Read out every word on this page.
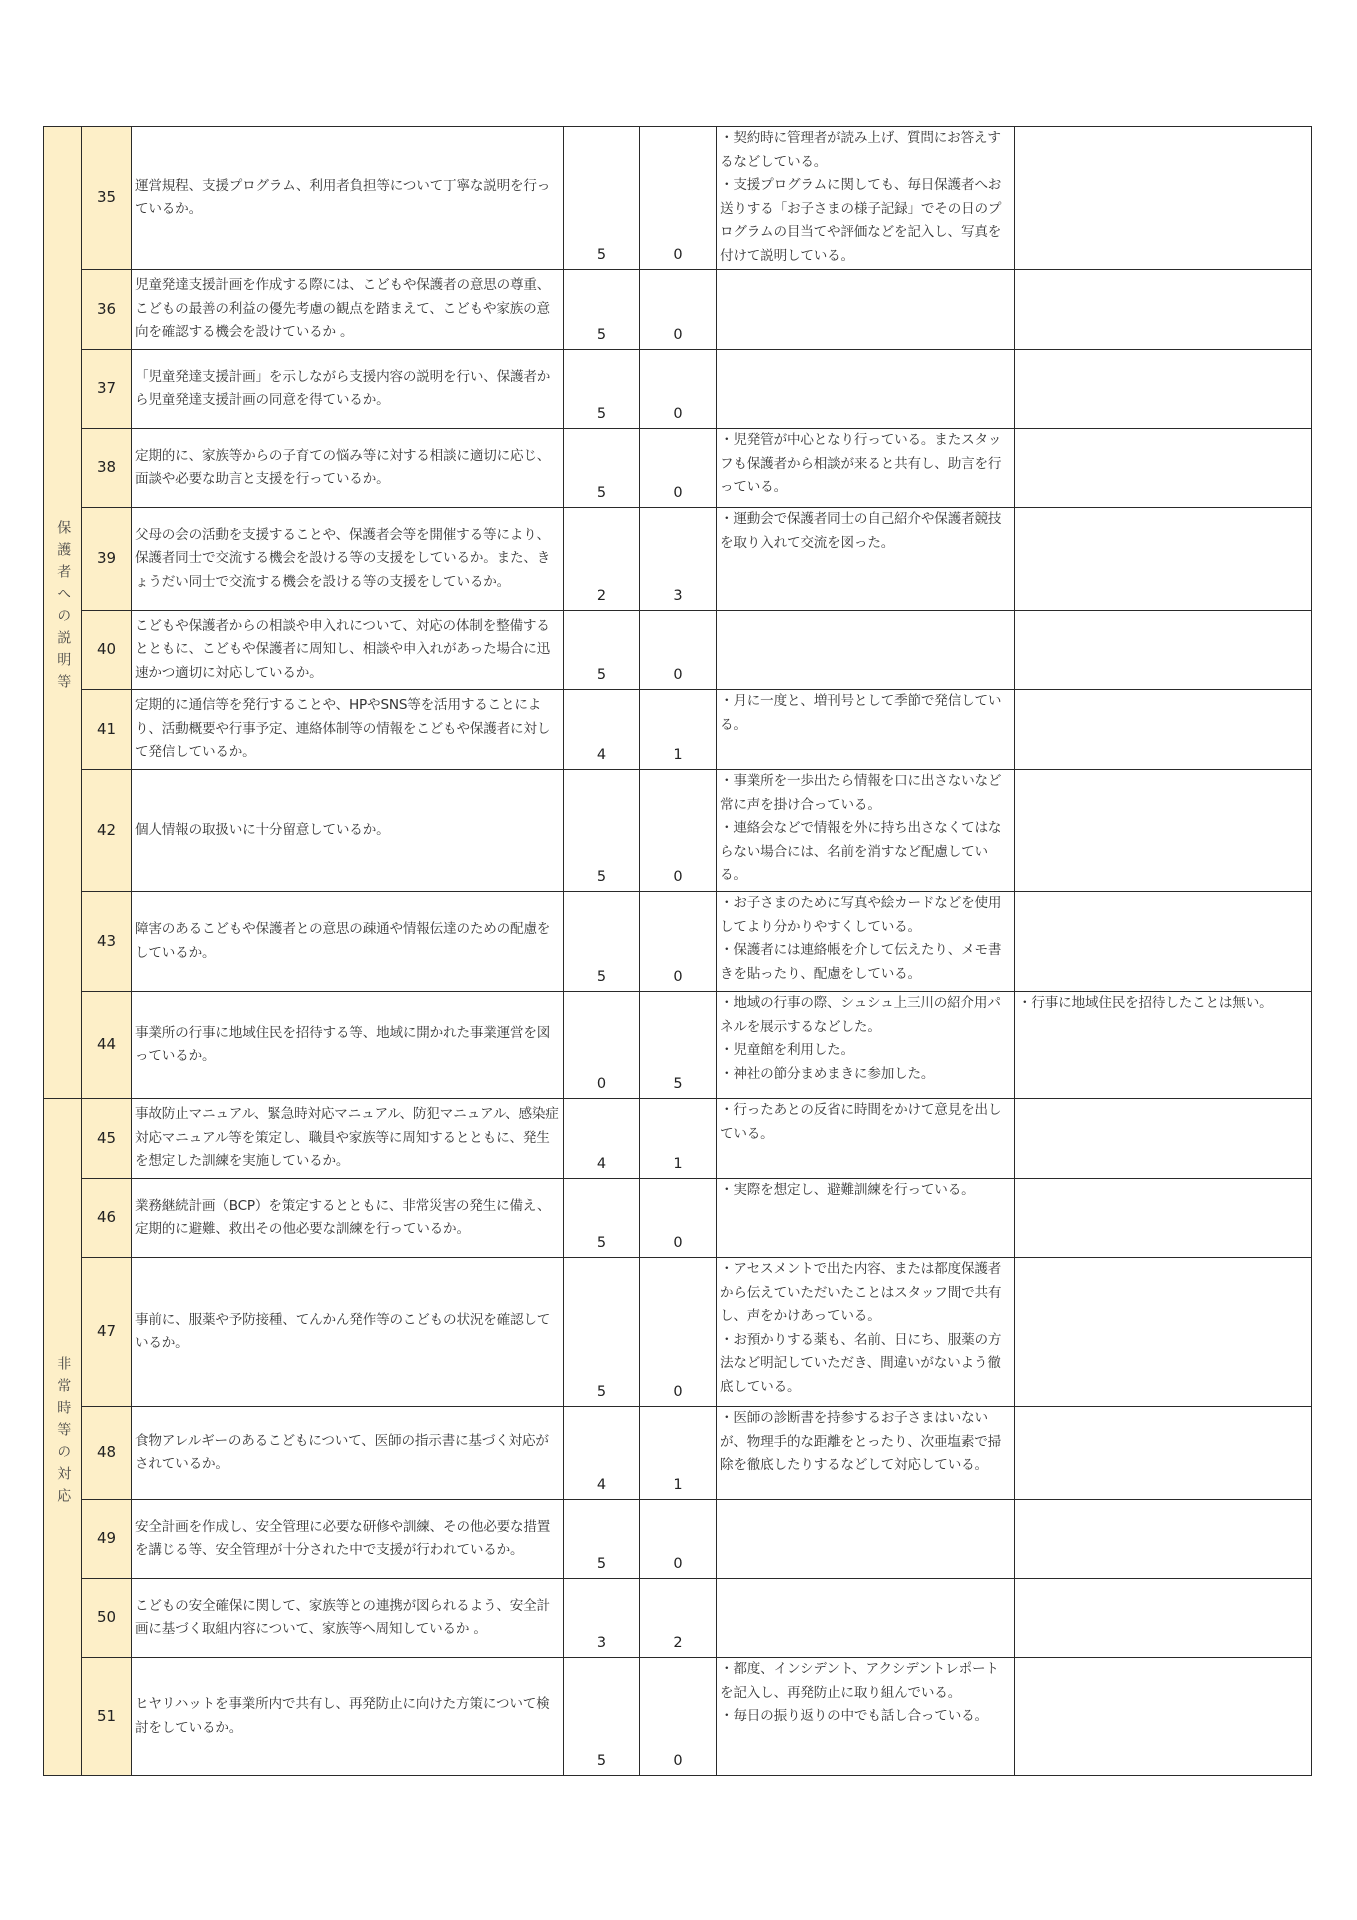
保護者への説明等	35	運営規程、支援プログラム、利用者負担等について丁寧な説明を行っているか。	5	0	・契約時に管理者が読み上げ、質問にお答えするなどしている。
・支援プログラムに関しても、毎日保護者へお送りする「お子さまの様子記録」でその日のプログラムの目当てや評価などを記入し、写真を付けて説明している。	
	36	児童発達支援計画を作成する際には、こどもや保護者の意思の尊重、こどもの最善の利益の優先考慮の観点を踏まえて、こどもや家族の意向を確認する機会を設けているか 。	5	0		
	37	「児童発達支援計画」を示しながら支援内容の説明を行い、保護者から児童発達支援計画の同意を得ているか。	5	0		
	38	定期的に、家族等からの子育ての悩み等に対する相談に適切に応じ、面談や必要な助言と支援を行っているか。	5	0	・児発管が中心となり行っている。またスタッフも保護者から相談が来ると共有し、助言を行っている。	
	39	父母の会の活動を支援することや、保護者会等を開催する等により、保護者同士で交流する機会を設ける等の支援をしているか。また、きょうだい同士で交流する機会を設ける等の支援をしているか。	2	3	・運動会で保護者同士の自己紹介や保護者競技を取り入れて交流を図った。	
	40	こどもや保護者からの相談や申入れについて、対応の体制を整備するとともに、こどもや保護者に周知し、相談や申入れがあった場合に迅速かつ適切に対応しているか。	5	0		
	41	定期的に通信等を発行することや、HPやSNS等を活用することにより、活動概要や行事予定、連絡体制等の情報をこどもや保護者に対して発信しているか。	4	1	・月に一度と、増刊号として季節で発信している。	
	42	個人情報の取扱いに十分留意しているか。	5	0	・事業所を一歩出たら情報を口に出さないなど常に声を掛け合っている。
・連絡会などで情報を外に持ち出さなくてはならない場合には、名前を消すなど配慮している。	
	43	障害のあるこどもや保護者との意思の疎通や情報伝達のための配慮をしているか。	5	0	・お子さまのために写真や絵カードなどを使用してより分かりやすくしている。
・保護者には連絡帳を介して伝えたり、メモ書きを貼ったり、配慮をしている。	
	44	事業所の行事に地域住民を招待する等、地域に開かれた事業運営を図っているか。	0	5	・地域の行事の際、シュシュ上三川の紹介用パネルを展示するなどした。
・児童館を利用した。
・神社の節分まめまきに参加した。	・行事に地域住民を招待したことは無い。
非常時等の対応	45	事故防止マニュアル、緊急時対応マニュアル、防犯マニュアル、感染症対応マニュアル等を策定し、職員や家族等に周知するとともに、発生を想定した訓練を実施しているか。	4	1	・行ったあとの反省に時間をかけて意見を出している。	
	46	業務継続計画（BCP）を策定するとともに、非常災害の発生に備え、定期的に避難、救出その他必要な訓練を行っているか。	5	0	・実際を想定し、避難訓練を行っている。	
	47	事前に、服薬や予防接種、てんかん発作等のこどもの状況を確認しているか。	5	0	・アセスメントで出た内容、または都度保護者から伝えていただいたことはスタッフ間で共有し、声をかけあっている。
・お預かりする薬も、名前、日にち、服薬の方法など明記していただき、間違いがないよう徹底している。	
	48	食物アレルギーのあるこどもについて、医師の指示書に基づく対応がされているか。	4	1	・医師の診断書を持参するお子さまはいないが、物理手的な距離をとったり、次亜塩素で掃除を徹底したりするなどして対応している。	
	49	安全計画を作成し、安全管理に必要な研修や訓練、その他必要な措置を講じる等、安全管理が十分された中で支援が行われているか。	5	0		
	50	こどもの安全確保に関して、家族等との連携が図られるよう、安全計画に基づく取組内容について、家族等へ周知しているか 。	3	2		
	51	ヒヤリハットを事業所内で共有し、再発防止に向けた方策について検討をしているか。	5	0	・都度、インシデント、アクシデントレポートを記入し、再発防止に取り組んでいる。
・毎日の振り返りの中でも話し合っている。	
